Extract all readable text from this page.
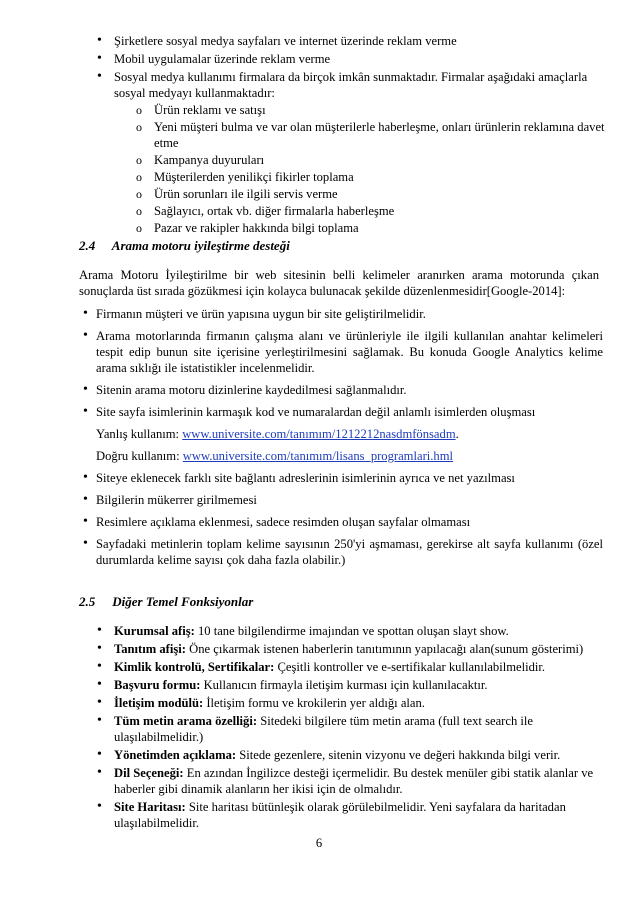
• Şirketlere sosyal medya sayfaları ve internet üzerinde reklam verme
• Mobil uygulamalar üzerinde reklam verme
• Sosyal medya kullanımı firmalara da birçok imkân sunmaktadır. Firmalar aşağıdaki amaçlarla sosyal medyayı kullanmaktadır:
o Ürün reklamı ve satışı
o Yeni müşteri bulma ve var olan müşterilerle haberleşme, onları ürünlerin reklamına davet etme
o Kampanya duyuruları
o Müşterilerden yenilikçi fikirler toplama
o Ürün sorunları ile ilgili servis verme
o Sağlayıcı, ortak vb. diğer firmalarla haberleşme
o Pazar ve rakipler hakkında bilgi toplama
2.4 Arama motoru iyileştirme desteği
Arama Motoru İyileştirilme bir web sitesinin belli kelimeler aranırken arama motorunda çıkan sonuçlarda üst sırada gözükmesi için kolayca bulunacak şekilde düzenlenmesidir[Google-2014]:
• Firmanın müşteri ve ürün yapısına uygun bir site geliştirilmelidir.
• Arama motorlarında firmanın çalışma alanı ve ürünleriyle ile ilgili kullanılan anahtar kelimeleri tespit edip bunun site içerisine yerleştirilmesini sağlamak. Bu konuda Google Analytics kelime arama sıklığı ile istatistikler incelenmelidir.
• Sitenin arama motoru dizinlerine kaydedilmesi sağlanmalıdır.
• Site sayfa isimlerinin karmaşık kod ve numaralardan değil anlamlı isimlerden oluşması
Yanlış kullanım: www.universite.com/tanımım/1212212nasdmfönsadm.
Doğru kullanım: www.universite.com/tanımım/lisans_programlari.hml
• Siteye eklenecek farklı site bağlantı adreslerinin isimlerinin ayrıca ve net yazılması
• Bilgilerin mükerrer girilmemesi
• Resimlere açıklama eklenmesi, sadece resimden oluşan sayfalar olmaması
• Sayfadaki metinlerin toplam kelime sayısının 250'yi aşmaması, gerekirse alt sayfa kullanımı (özel durumlarda kelime sayısı çok daha fazla olabilir.)
2.5 Diğer Temel Fonksiyonlar
• Kurumsal afiş: 10 tane bilgilendirme imajından ve spottan oluşan slayt show.
• Tanıtım afişi: Öne çıkarmak istenen haberlerin tanıtımının yapılacağı alan(sunum gösterimi)
• Kimlik kontrolü, Sertifikalar: Çeşitli kontroller ve e-sertifikalar kullanılabilmelidir.
• Başvuru formu: Kullanıcın firmayla iletişim kurması için kullanılacaktır.
• İletişim modülü: İletişim formu ve krokilerin yer aldığı alan.
• Tüm metin arama özelliği: Sitedeki bilgilere tüm metin arama (full text search ile ulaşılabilmelidir.)
• Yönetimden açıklama: Sitede gezenlere, sitenin vizyonu ve değeri hakkında bilgi verir.
• Dil Seçeneği: En azından İngilizce desteği içermelidir. Bu destek menüler gibi statik alanlar ve haberler gibi dinamik alanların her ikisi için de olmalıdır.
• Site Haritası: Site haritası bütünleşik olarak görülebilmelidir. Yeni sayfalara da haritadan ulaşılabilmelidir.
6
